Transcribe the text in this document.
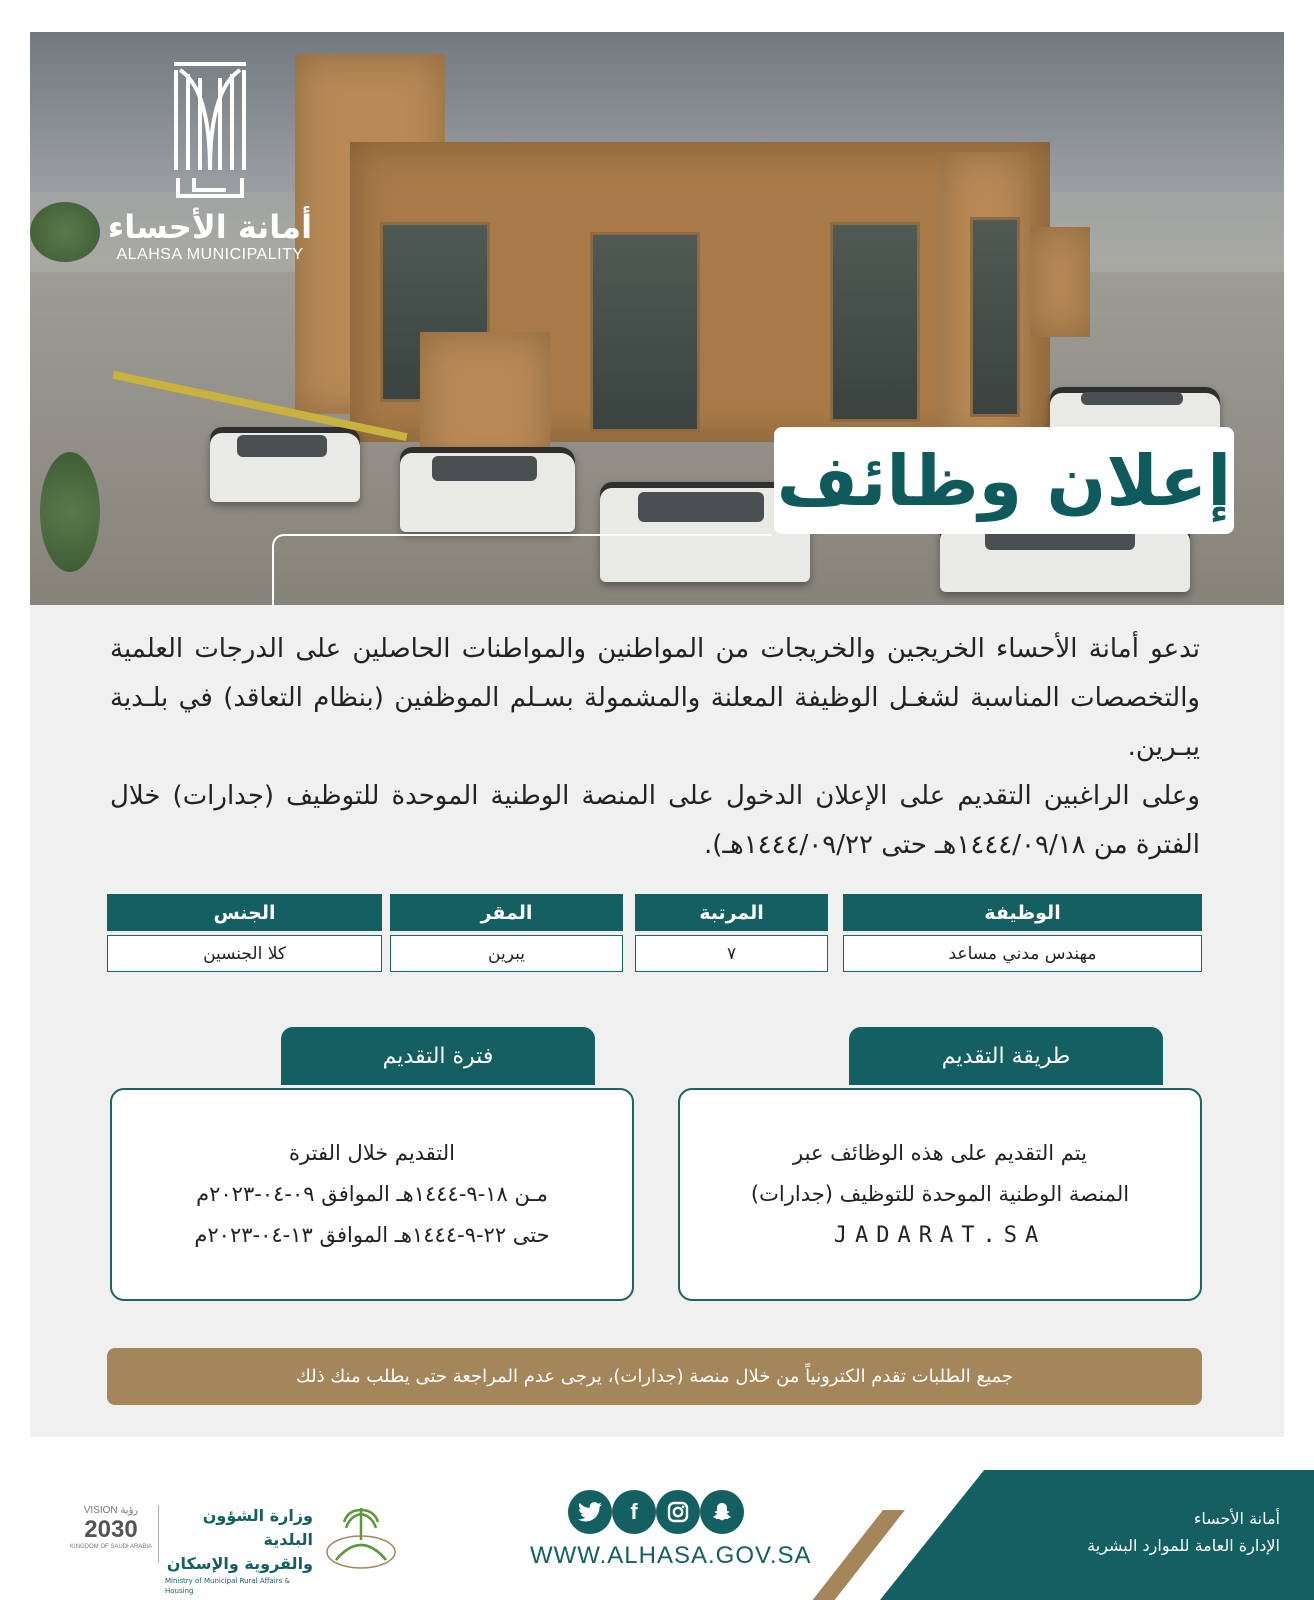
أمانة الأحساء
ALAHSA MUNICIPALITY
إعلان وظائف

تدعو أمانة الأحساء الخريجين والخريجات من المواطنين والمواطنات الحاصلين على الدرجات العلمية والتخصصات المناسبة لشغـل الوظيفة المعلنة والمشمولة بسـلم الموظفين (بنظام التعاقد) في بلـدية يبـرين.

وعلى الراغبين التقديم على الإعلان الدخول على المنصة الوطنية الموحدة للتوظيف (جدارات) خلال الفترة من ١٤٤٤/٠٩/١٨هـ حتى ١٤٤٤/٠٩/٢٢هـ).

الوظيفة
المرتبة
المقر
الجنس
مهندس مدني مساعد
٧
يبرين
كلا الجنسين
طريقة التقديم
يتم التقديم على هذه الوظائف عبر
المنصة الوطنية الموحدة للتوظيف (جدارات)
JADARAT.SA
فترة التقديم
التقديم خلال الفترة
مـن ١٨-٩-١٤٤٤هـ الموافق ٠٩-٠٤-٢٠٢٣م
حتى ٢٢-٩-١٤٤٤هـ الموافق ١٣-٠٤-٢٠٢٣م
جميع الطلبات تقدم الكترونياً من خلال منصة (جدارات)، يرجى عدم المراجعة حتى يطلب منك ذلك
أمانة الأحساء
الإدارة العامة للموارد البشرية
f
WWW.ALHASA.GOV.SA
وزارة الشؤون البلدية
والقروية والإسكان
Ministry of Municipal Rural Affairs & Housing
VISION رؤية
2030
KINGDOM OF SAUDI ARABIA
